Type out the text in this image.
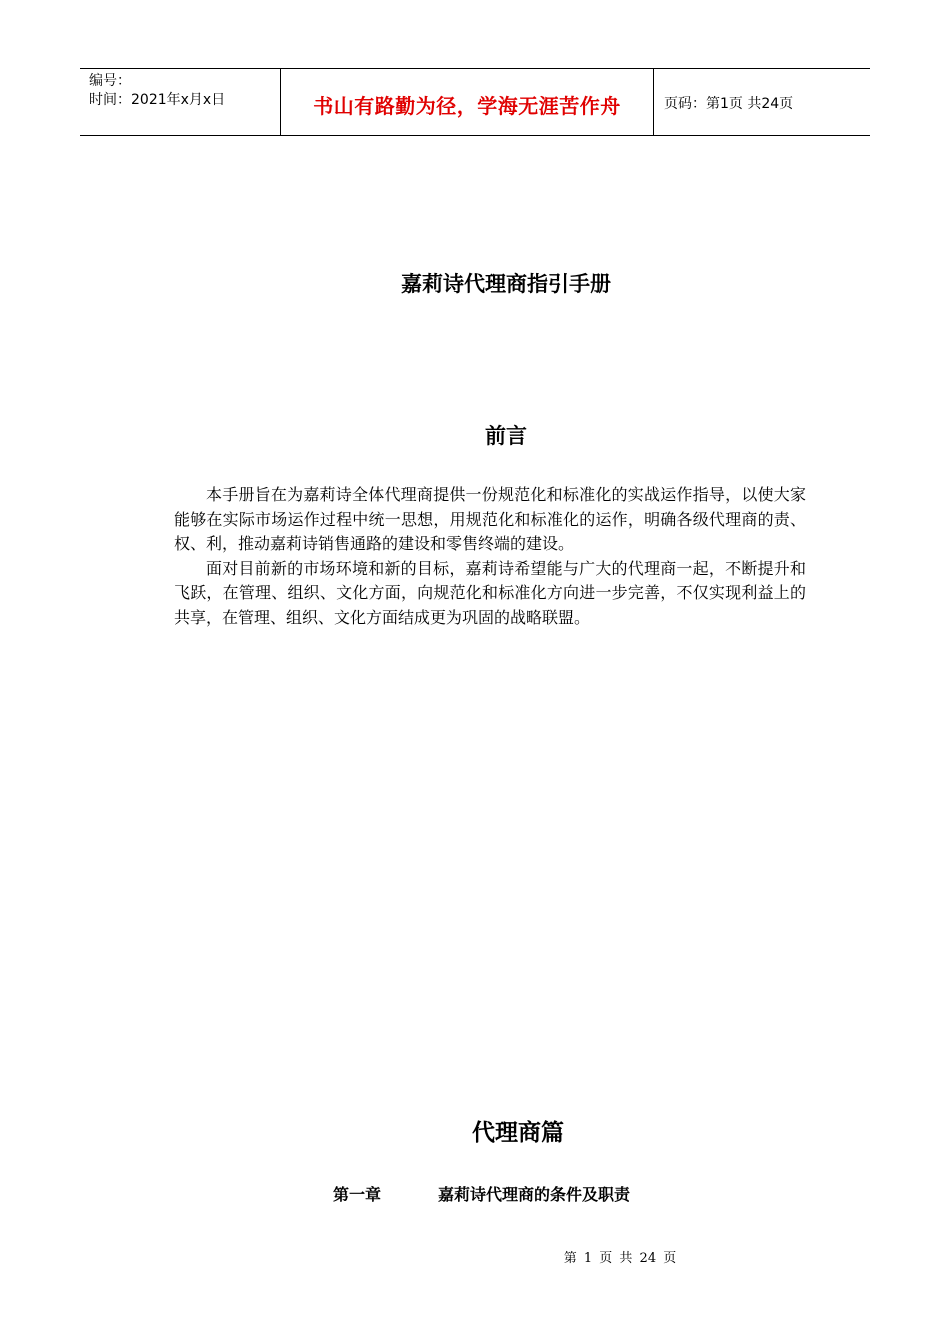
编号：
时间：2021年x月x日	书山有路勤为径，学海无涯苦作舟	页码：第1页 共24页
嘉莉诗代理商指引手册
前言

本手册旨在为嘉莉诗全体代理商提供一份规范化和标准化的实战运作指导，以使大家能够在实际市场运作过程中统一思想，用规范化和标准化的运作，明确各级代理商的责、权、利，推动嘉莉诗销售通路的建设和零售终端的建设。

面对目前新的市场环境和新的目标，嘉莉诗希望能与广大的代理商一起，不断提升和飞跃，在管理、组织、文化方面，向规范化和标准化方向进一步完善，不仅实现利益上的共享，在管理、组织、文化方面结成更为巩固的战略联盟。

代理商篇
第一章	嘉莉诗代理商的条件及职责
第 1 页 共 24 页
